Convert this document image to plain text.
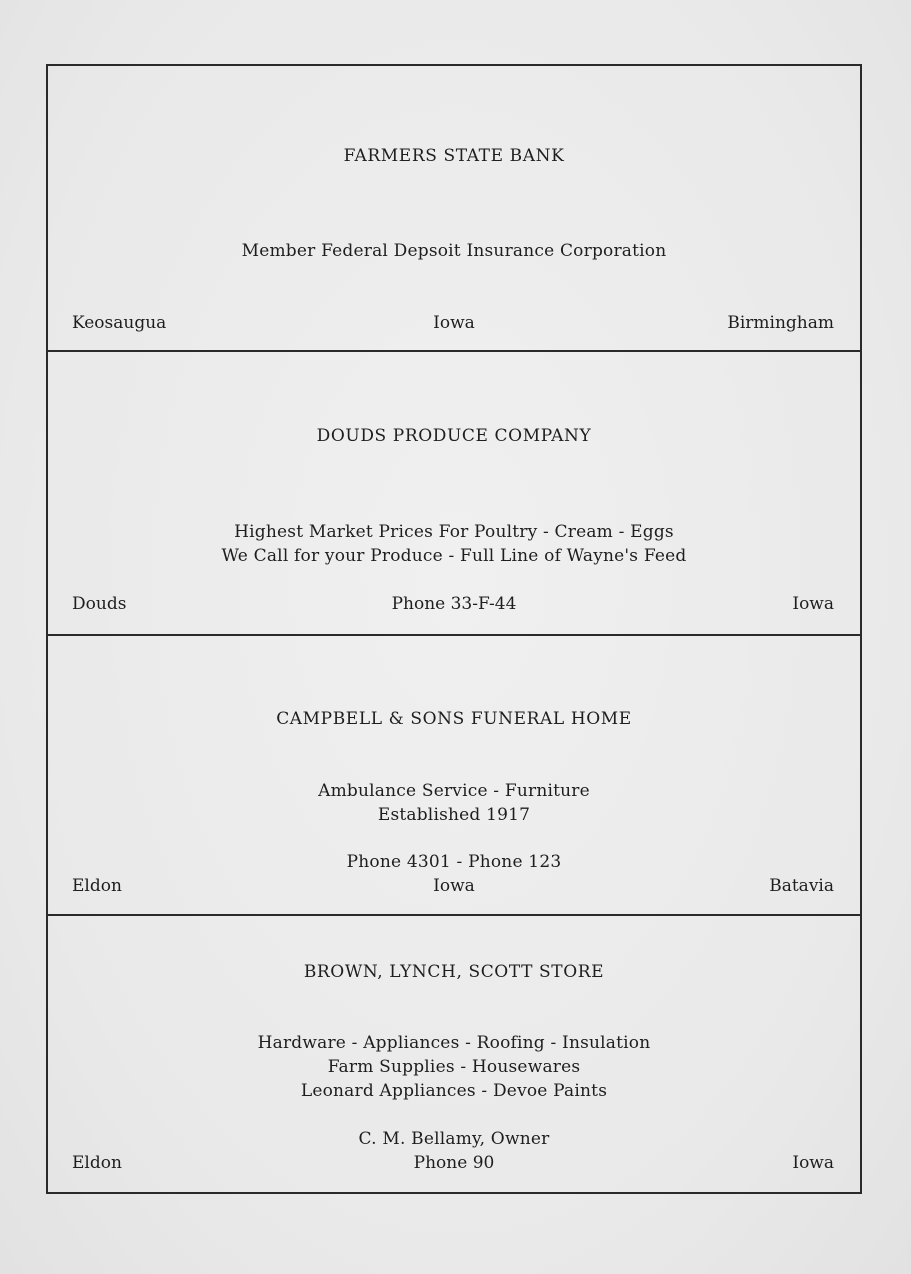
FARMERS STATE BANK
Member Federal Depsoit Insurance Corporation
Keosaugua	Iowa	Birmingham
DOUDS PRODUCE COMPANY
Highest Market Prices For Poultry - Cream - Eggs
We Call for your Produce - Full Line of Wayne's Feed
Douds	Phone 33-F-44	Iowa
CAMPBELL & SONS FUNERAL HOME
Ambulance Service - Furniture
Established 1917
Phone 4301 - Phone 123
Eldon	Iowa	Batavia
BROWN, LYNCH, SCOTT STORE
Hardware - Appliances - Roofing - Insulation
Farm Supplies - Housewares
Leonard Appliances - Devoe Paints
C. M. Bellamy, Owner
Eldon	Phone 90	Iowa
